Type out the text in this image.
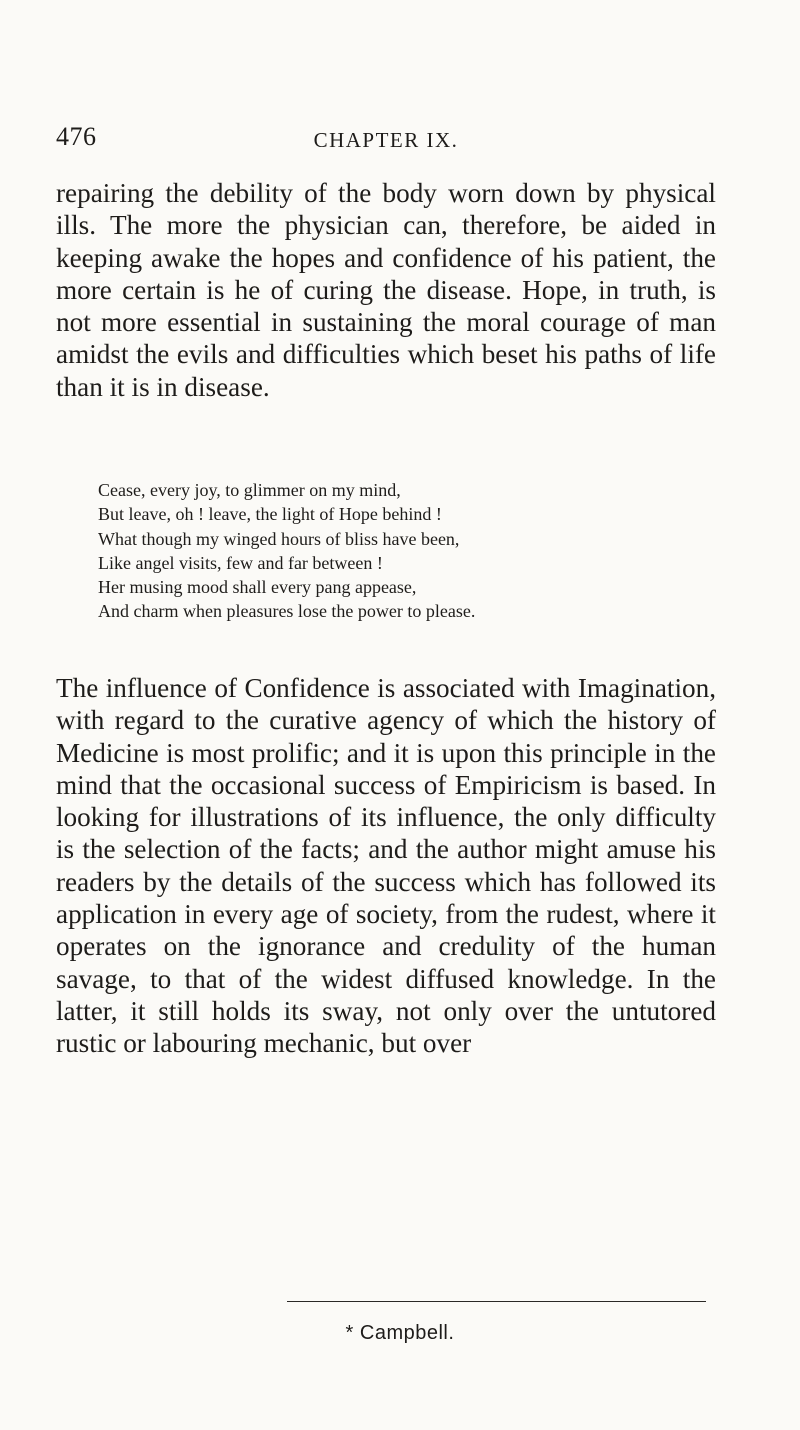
476	CHAPTER IX.

repairing the debility of the body worn down by physical ills. The more the physician can, therefore, be aided in keeping awake the hopes and confidence of his patient, the more certain is he of curing the disease. Hope, in truth, is not more essential in sustaining the moral courage of man amidst the evils and difficulties which beset his paths of life than it is in disease.

Cease, every joy, to glimmer on my mind,
But leave, oh ! leave, the light of Hope behind !
What though my winged hours of bliss have been,
Like angel visits, few and far between !
Her musing mood shall every pang appease,
And charm when pleasures lose the power to please.

The influence of Confidence is associated with Imagination, with regard to the curative agency of which the history of Medicine is most prolific; and it is upon this principle in the mind that the occasional success of Empiricism is based. In looking for illustrations of its influence, the only difficulty is the selection of the facts; and the author might amuse his readers by the details of the success which has followed its application in every age of society, from the rudest, where it operates on the ignorance and credulity of the human savage, to that of the widest diffused knowledge. In the latter, it still holds its sway, not only over the untutored rustic or labouring mechanic, but over

* Campbell.
